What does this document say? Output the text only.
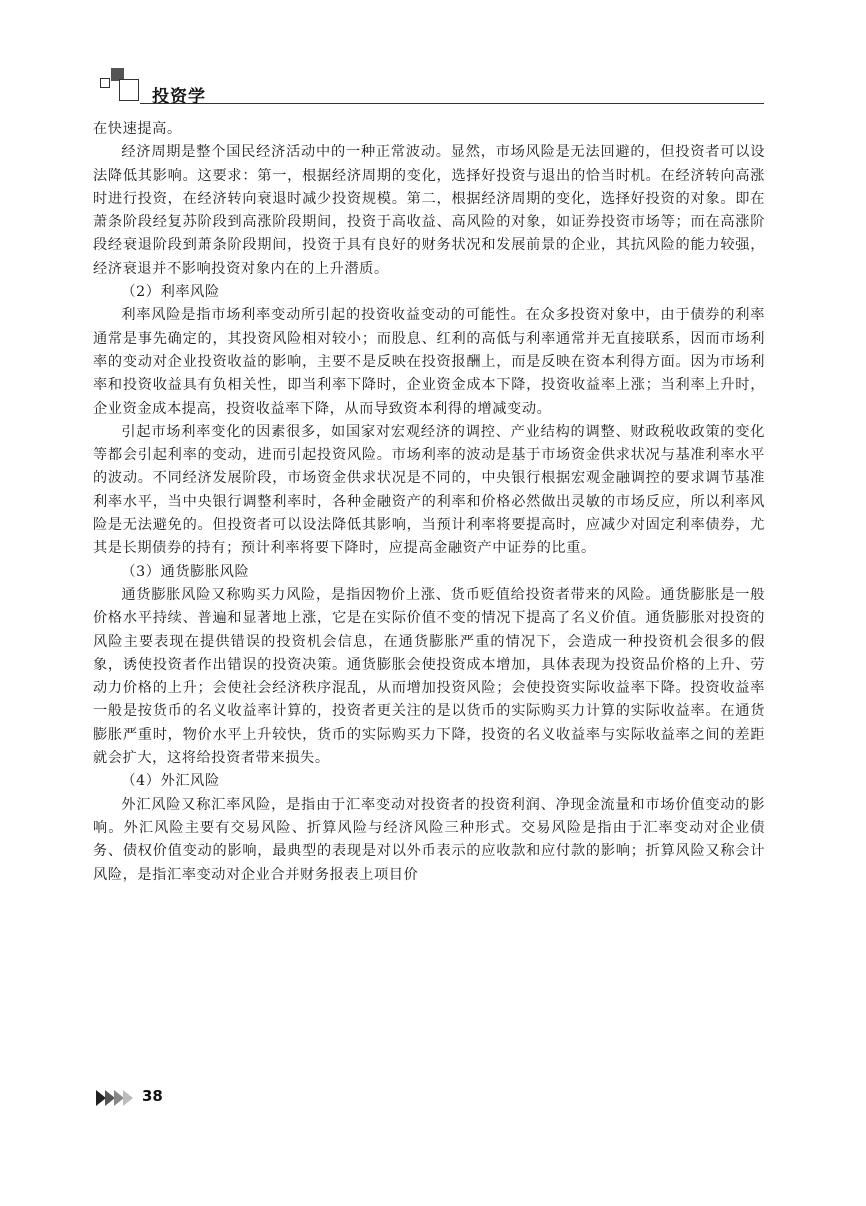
投资学

在快速提高。

经济周期是整个国民经济活动中的一种正常波动。显然，市场风险是无法回避的，但投资者可以设法降低其影响。这要求：第一，根据经济周期的变化，选择好投资与退出的恰当时机。在经济转向高涨时进行投资，在经济转向衰退时减少投资规模。第二，根据经济周期的变化，选择好投资的对象。即在萧条阶段经复苏阶段到高涨阶段期间，投资于高收益、高风险的对象，如证券投资市场等；而在高涨阶段经衰退阶段到萧条阶段期间，投资于具有良好的财务状况和发展前景的企业，其抗风险的能力较强，经济衰退并不影响投资对象内在的上升潜质。

（2）利率风险

利率风险是指市场利率变动所引起的投资收益变动的可能性。在众多投资对象中，由于债券的利率通常是事先确定的，其投资风险相对较小；而股息、红利的高低与利率通常并无直接联系，因而市场利率的变动对企业投资收益的影响，主要不是反映在投资报酬上，而是反映在资本利得方面。因为市场利率和投资收益具有负相关性，即当利率下降时，企业资金成本下降，投资收益率上涨；当利率上升时，企业资金成本提高，投资收益率下降，从而导致资本利得的增减变动。

引起市场利率变化的因素很多，如国家对宏观经济的调控、产业结构的调整、财政税收政策的变化等都会引起利率的变动，进而引起投资风险。市场利率的波动是基于市场资金供求状况与基准利率水平的波动。不同经济发展阶段，市场资金供求状况是不同的，中央银行根据宏观金融调控的要求调节基准利率水平，当中央银行调整利率时，各种金融资产的利率和价格必然做出灵敏的市场反应，所以利率风险是无法避免的。但投资者可以设法降低其影响，当预计利率将要提高时，应减少对固定利率债券，尤其是长期债券的持有；预计利率将要下降时，应提高金融资产中证券的比重。

（3）通货膨胀风险

通货膨胀风险又称购买力风险，是指因物价上涨、货币贬值给投资者带来的风险。通货膨胀是一般价格水平持续、普遍和显著地上涨，它是在实际价值不变的情况下提高了名义价值。通货膨胀对投资的风险主要表现在提供错误的投资机会信息，在通货膨胀严重的情况下，会造成一种投资机会很多的假象，诱使投资者作出错误的投资决策。通货膨胀会使投资成本增加，具体表现为投资品价格的上升、劳动力价格的上升；会使社会经济秩序混乱，从而增加投资风险；会使投资实际收益率下降。投资收益率一般是按货币的名义收益率计算的，投资者更关注的是以货币的实际购买力计算的实际收益率。在通货膨胀严重时，物价水平上升较快，货币的实际购买力下降，投资的名义收益率与实际收益率之间的差距就会扩大，这将给投资者带来损失。

（4）外汇风险

外汇风险又称汇率风险，是指由于汇率变动对投资者的投资利润、净现金流量和市场价值变动的影响。外汇风险主要有交易风险、折算风险与经济风险三种形式。交易风险是指由于汇率变动对企业债务、债权价值变动的影响，最典型的表现是对以外币表示的应收款和应付款的影响；折算风险又称会计风险，是指汇率变动对企业合并财务报表上项目价

38
